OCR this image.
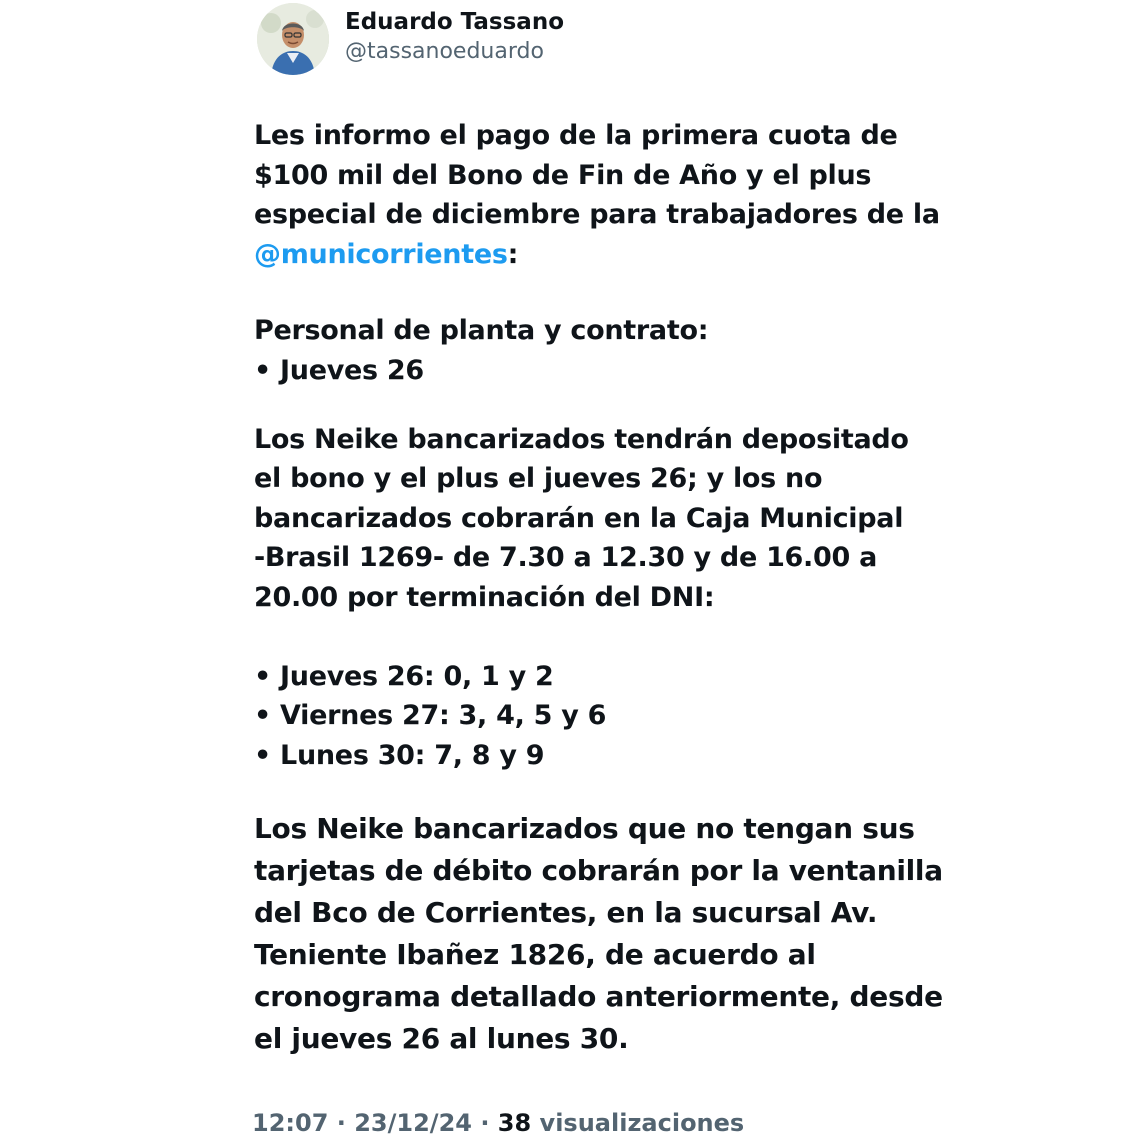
Eduardo Tassano
@tassanoeduardo
Les informo el pago de la primera cuota de
$100 mil del Bono de Fin de Año y el plus
especial de diciembre para trabajadores de la
@municorrientes:
Personal de planta y contrato:
• Jueves 26
Los Neike bancarizados tendrán depositado
el bono y el plus el jueves 26; y los no
bancarizados cobrarán en la Caja Municipal
-Brasil 1269- de 7.30 a 12.30 y de 16.00 a
20.00 por terminación del DNI:
• Jueves 26: 0, 1 y 2
• Viernes 27: 3, 4, 5 y 6
• Lunes 30: 7, 8 y 9
Los Neike bancarizados que no tengan sus
tarjetas de débito cobrarán por la ventanilla
del Bco de Corrientes, en la sucursal Av.
Teniente Ibañez 1826, de acuerdo al
cronograma detallado anteriormente, desde
el jueves 26 al lunes 30.
12:07 · 23/12/24 · 38 visualizaciones
